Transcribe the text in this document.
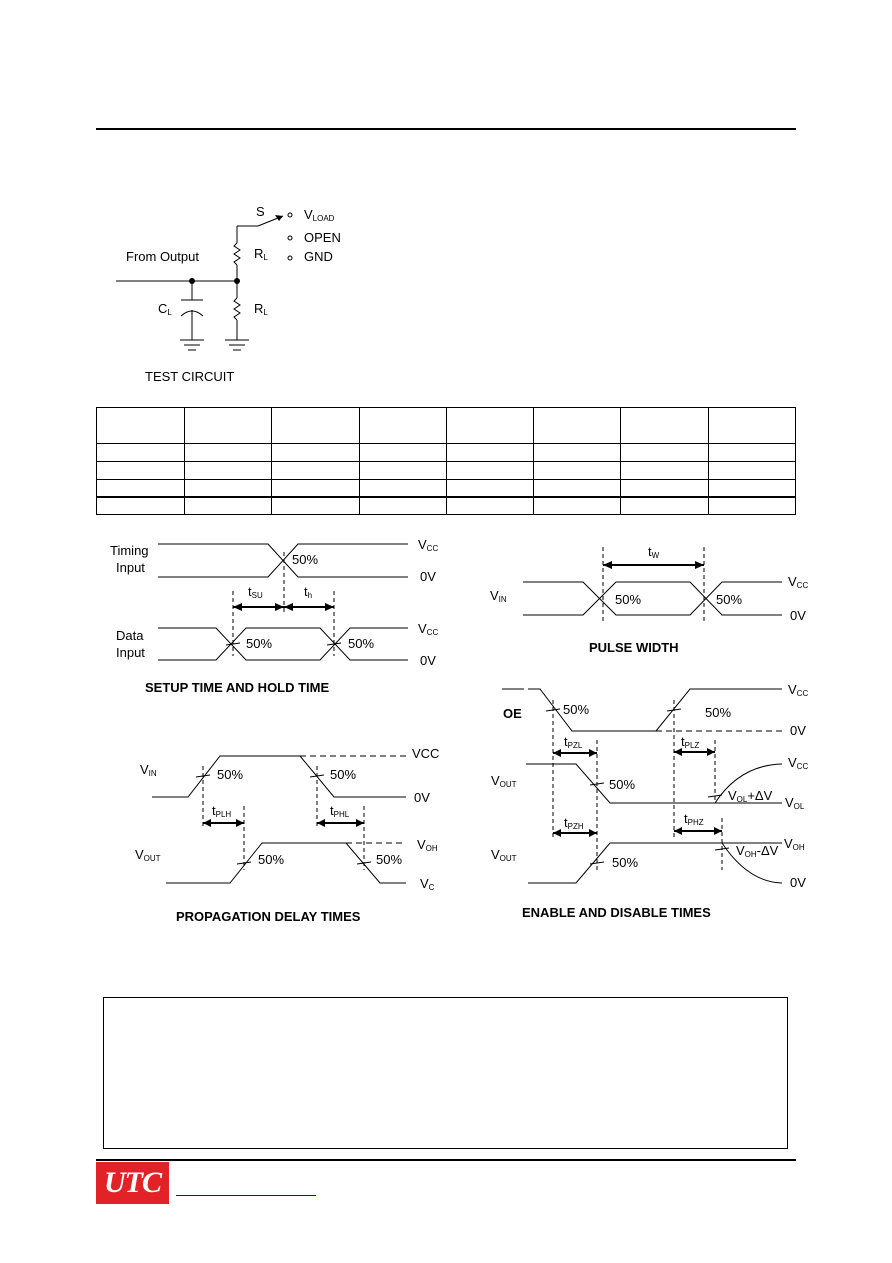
S	VLOAD
OPEN
GND
From Output	RL
RL
CL
TEST CIRCUIT

Timing Input
Data Input
50%
50%	50%
VCC
0V
VCC
0V
tSU	th
SETUP TIME AND HOLD TIME
tW
VIN	50%	50%
VCC
0V
PULSE WIDTH
VIN
VOUT
50%	50%
50%	50%
VCC
0V
VOH
VC
tPLH	tPHL
PROPAGATION DELAY TIMES
OE	50%	50%
VCC
0V
tPZL	tPLZ
VCC
VOUT	50%
VOL+ΔV VOL
tPZH
tPHZ
VOH-ΔV VOH
VOUT	50%
0V
ENABLE AND DISABLE TIMES
UTC
